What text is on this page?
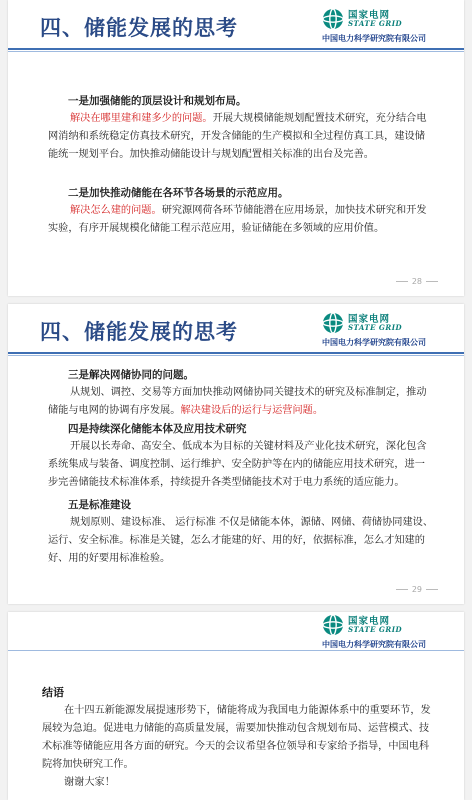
四、储能发展的思考
国家电网
STATE GRID
中国电力科学研究院有限公司

一是加强储能的顶层设计和规划布局。

解决在哪里建和建多少的问题。开展大规模储能规划配置技术研究，充分结合电网消纳和系统稳定仿真技术研究，开发含储能的生产模拟和全过程仿真工具，建设储能统一规划平台。加快推动储能设计与规划配置相关标准的出台及完善。

二是加快推动储能在各环节各场景的示范应用。

解决怎么建的问题。研究源网荷各环节储能潜在应用场景，加快技术研究和开发实验，有序开展规模化储能工程示范应用，验证储能在多领域的应用价值。

28
四、储能发展的思考
国家电网
STATE GRID
中国电力科学研究院有限公司

三是解决网储协同的问题。

从规划、调控、交易等方面加快推动网储协同关键技术的研究及标准制定，推动储能与电网的协调有序发展。解决建设后的运行与运营问题。

四是持续深化储能本体及应用技术研究

开展以长寿命、高安全、低成本为目标的关键材料及产业化技术研究，深化包含系统集成与装备、调度控制、运行维护、安全防护等在内的储能应用技术研究，进一步完善储能技术标准体系，持续提升各类型储能技术对于电力系统的适应能力。

五是标准建设

规划原则、建设标准、 运行标准 不仅是储能本体，源储、网储、荷储协同建设、运行、安全标准。标准是关键，怎么才能建的好、用的好，依据标准，怎么才知建的好、用的好要用标准检验。

29
国家电网
STATE GRID
中国电力科学研究院有限公司
结语

在十四五新能源发展提速形势下，储能将成为我国电力能源体系中的重要环节，发展较为急迫。促进电力储能的高质量发展，需要加快推动包含规划布局、运营模式、技术标准等储能应用各方面的研究。今天的会议希望各位领导和专家给予指导，中国电科院将加快研究工作。

谢谢大家！
